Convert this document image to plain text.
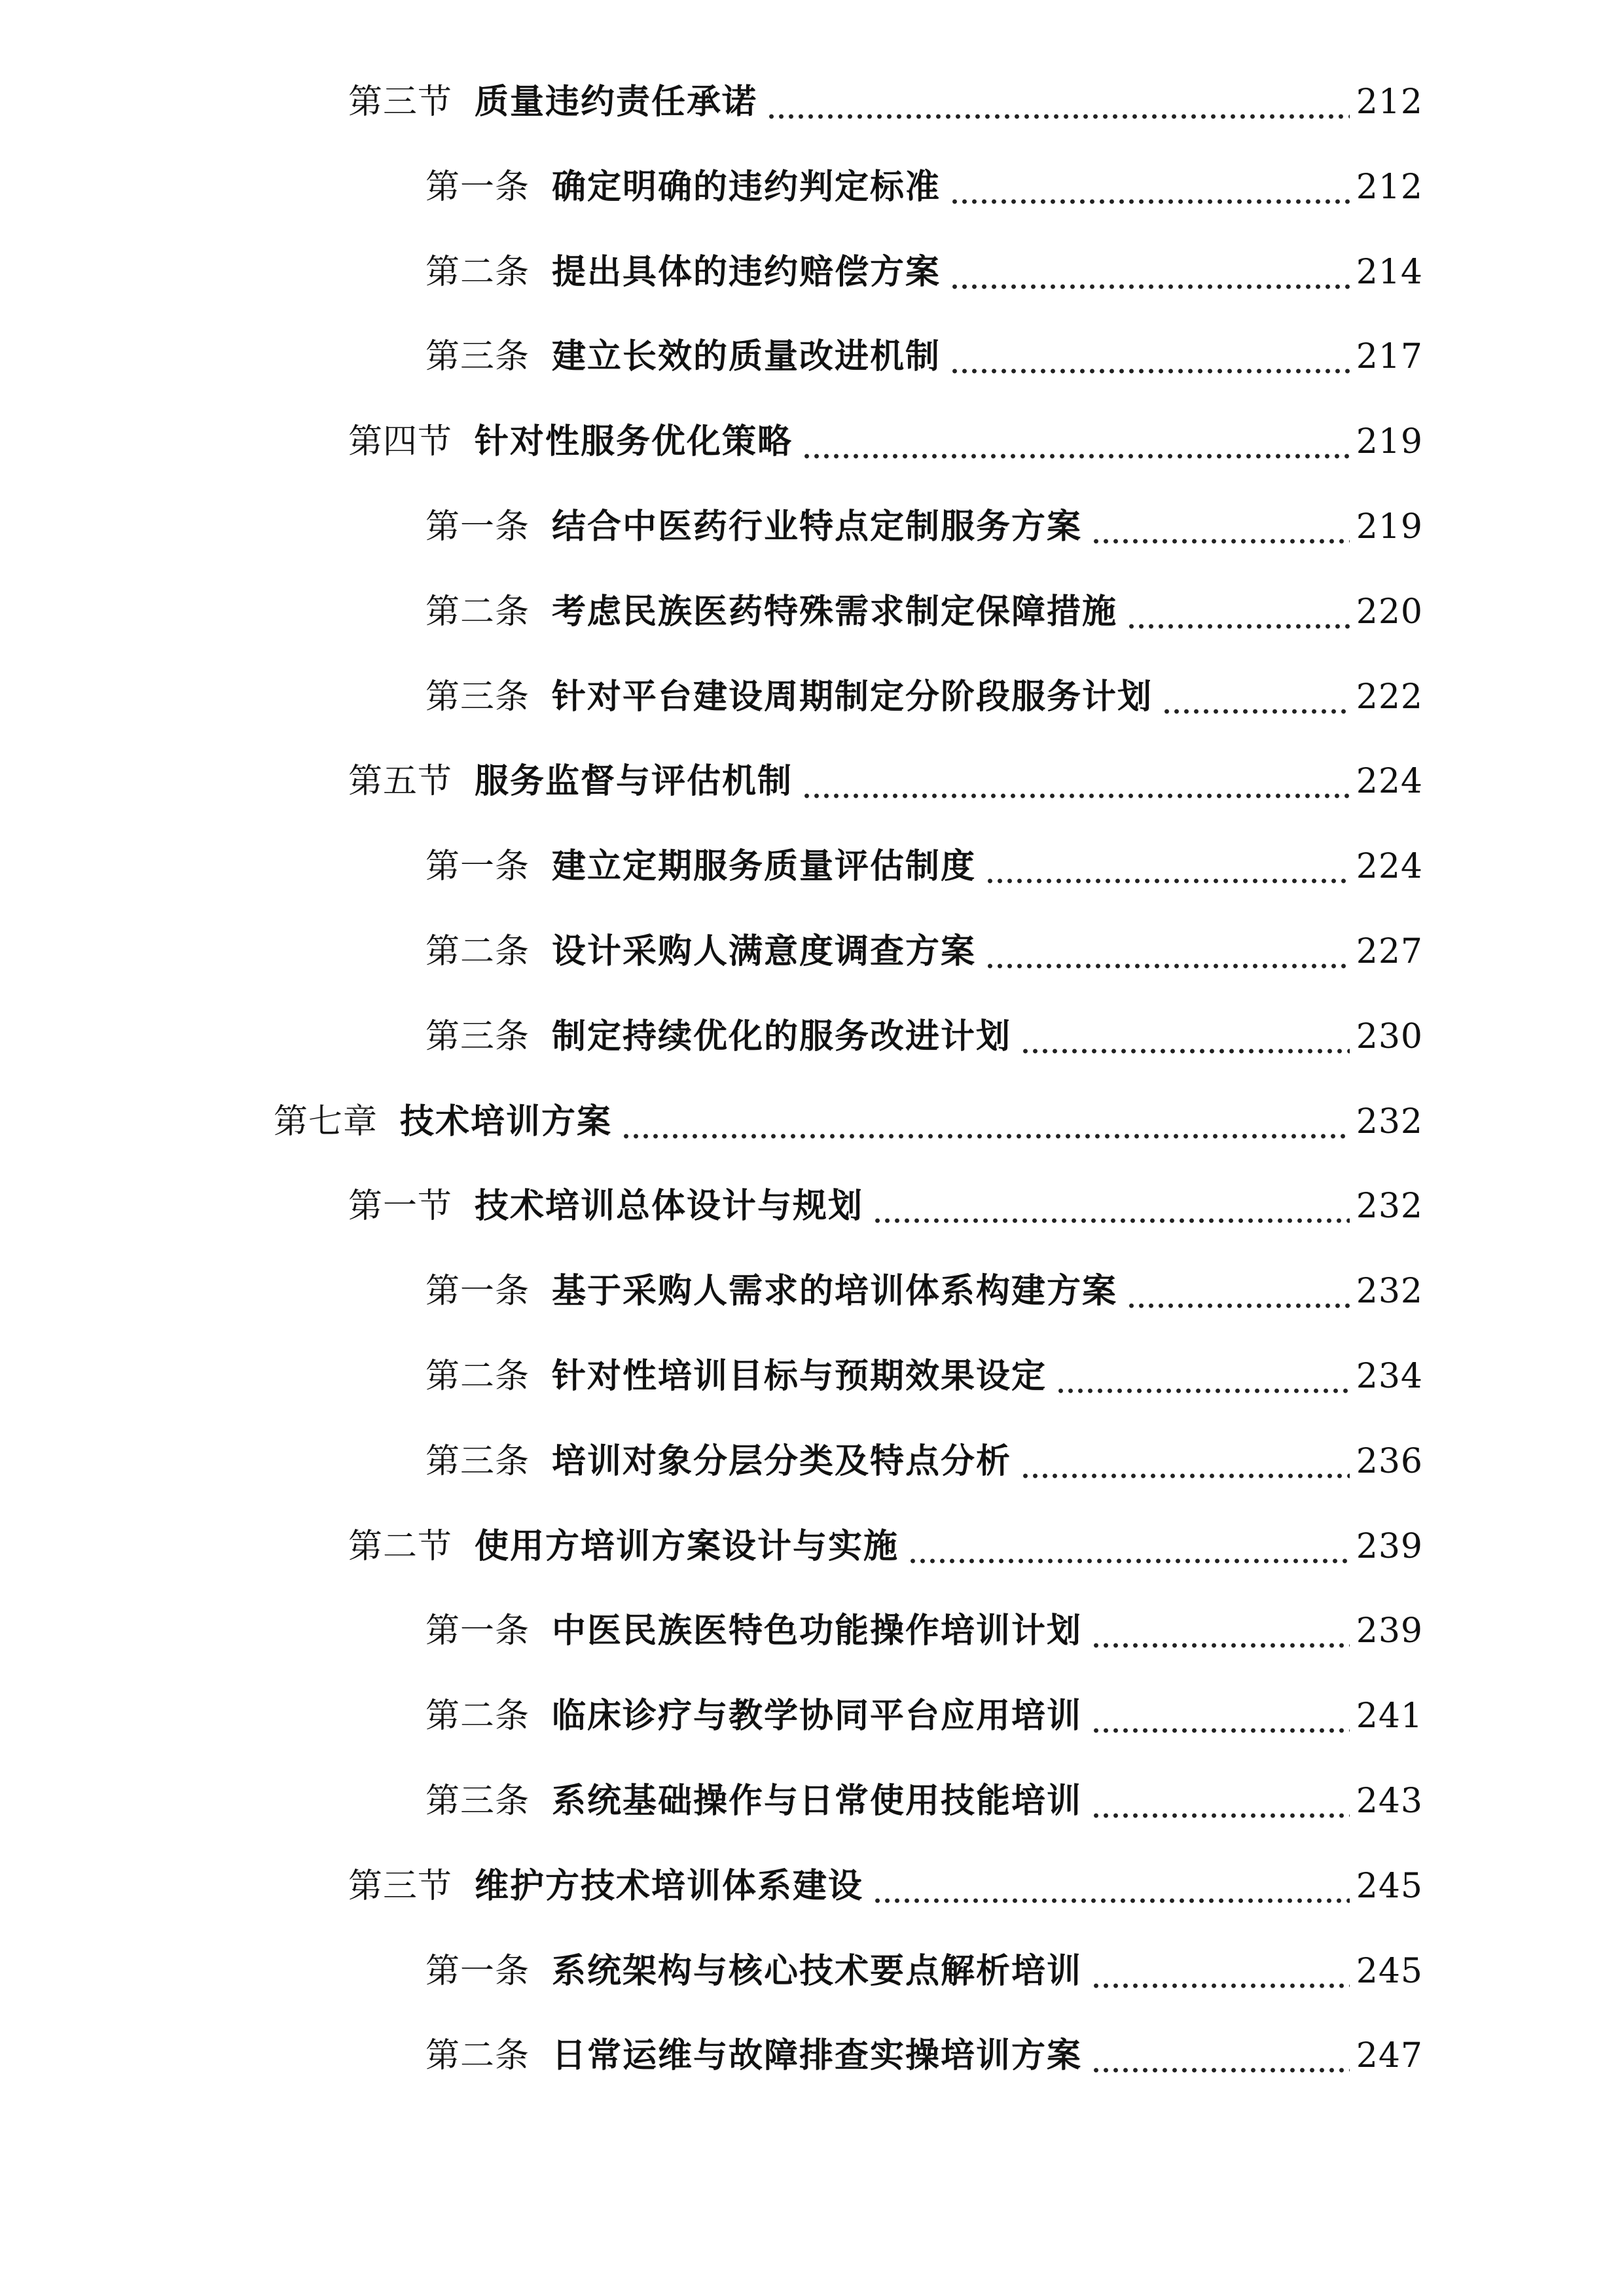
第三节 质量违约责任承诺	212
第一条 确定明确的违约判定标准	212
第二条 提出具体的违约赔偿方案	214
第三条 建立长效的质量改进机制	217
第四节 针对性服务优化策略	219
第一条 结合中医药行业特点定制服务方案	219
第二条 考虑民族医药特殊需求制定保障措施	220
第三条 针对平台建设周期制定分阶段服务计划	222
第五节 服务监督与评估机制	224
第一条 建立定期服务质量评估制度	224
第二条 设计采购人满意度调查方案	227
第三条 制定持续优化的服务改进计划	230
第七章 技术培训方案	232
第一节 技术培训总体设计与规划	232
第一条 基于采购人需求的培训体系构建方案	232
第二条 针对性培训目标与预期效果设定	234
第三条 培训对象分层分类及特点分析	236
第二节 使用方培训方案设计与实施	239
第一条 中医民族医特色功能操作培训计划	239
第二条 临床诊疗与教学协同平台应用培训	241
第三条 系统基础操作与日常使用技能培训	243
第三节 维护方技术培训体系建设	245
第一条 系统架构与核心技术要点解析培训	245
第二条 日常运维与故障排查实操培训方案	247
